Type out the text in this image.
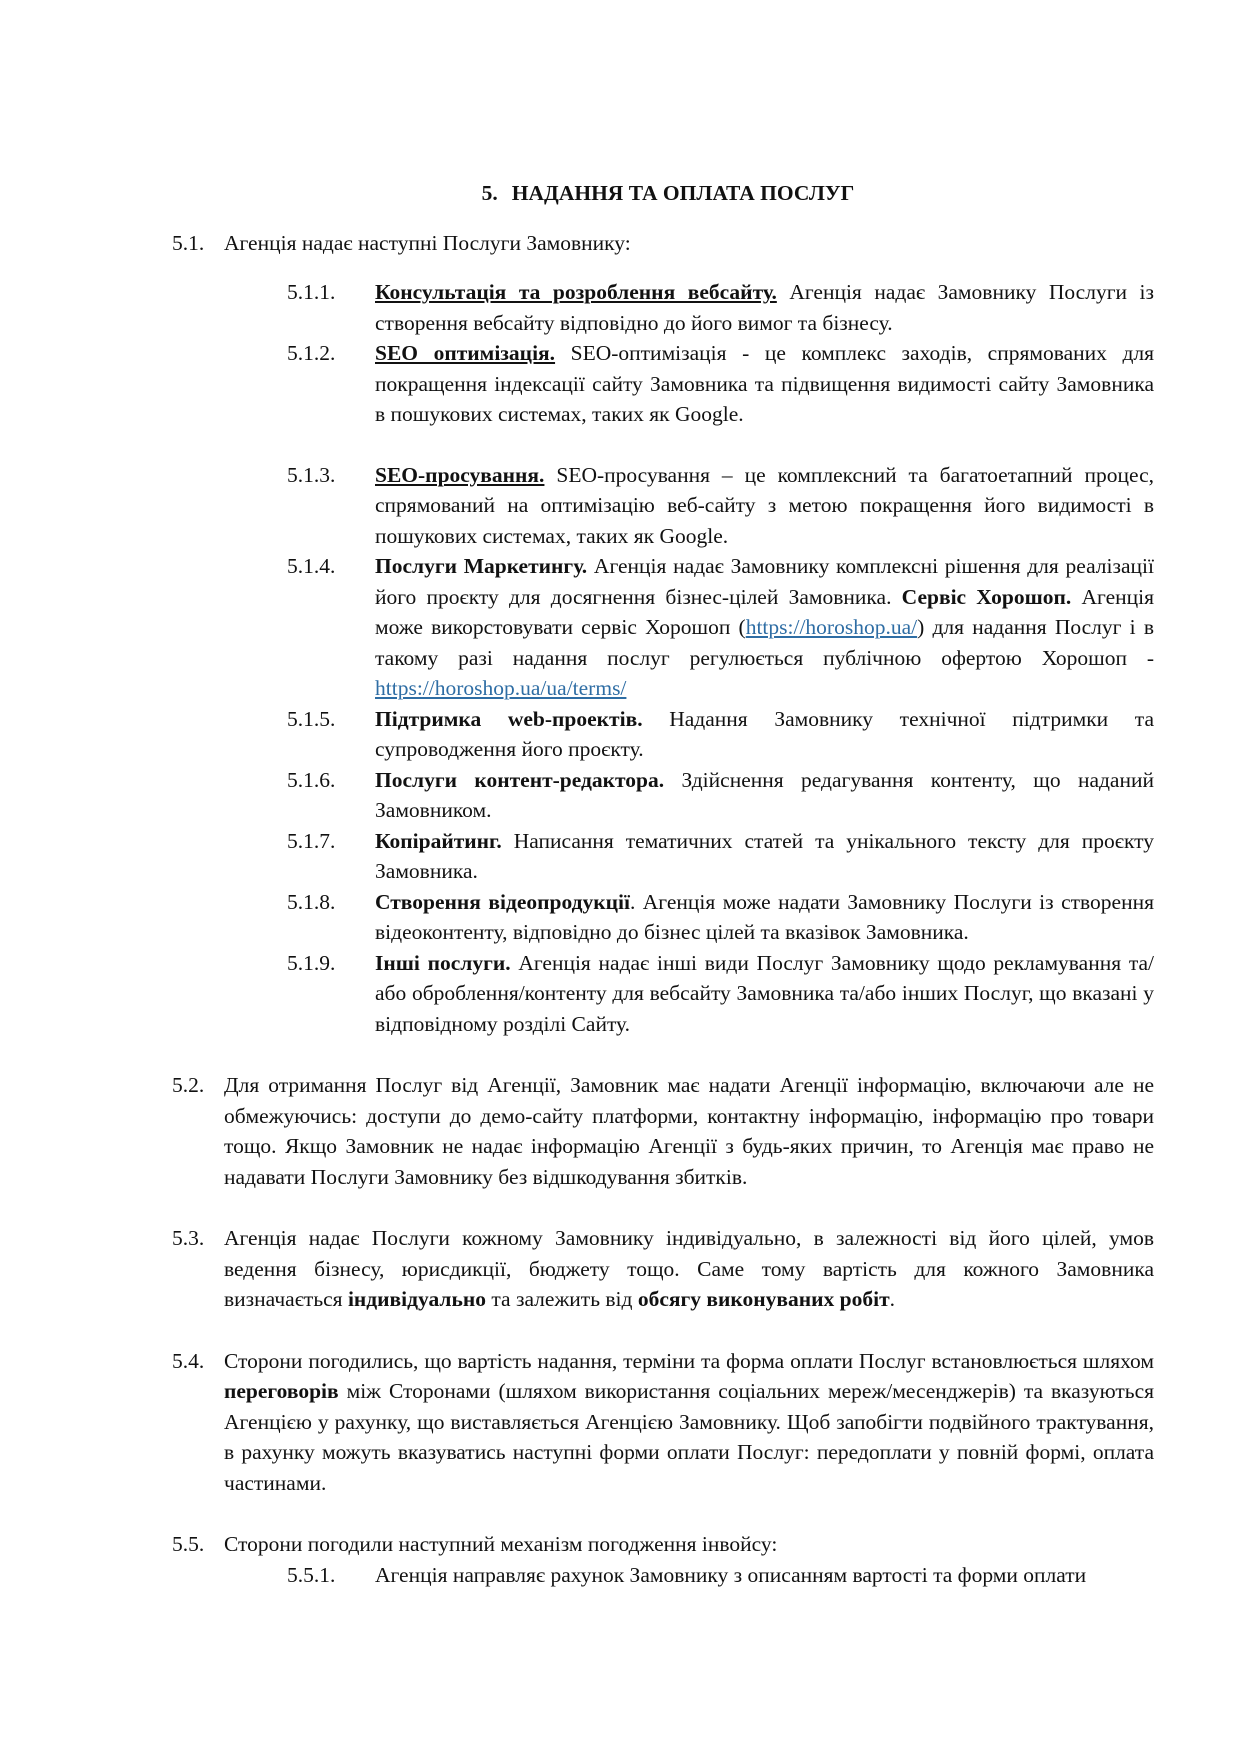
5. НАДАННЯ ТА ОПЛАТА ПОСЛУГ
5.1. Агенція надає наступні Послуги Замовнику:
5.1.1.	Консультація та розроблення вебсайту. Агенція надає Замовнику Послуги із створення вебсайту відповідно до його вимог та бізнесу.
5.1.2.	SEO оптимізація. SEO-оптимізація - це комплекс заходів, спрямованих для покращення індексації сайту Замовника та підвищення видимості сайту Замовника в пошукових системах, таких як Google.
5.1.3.	SEO-просування. SEO-просування – це комплексний та багатоетапний процес, спрямований на оптимізацію веб-сайту з метою покращення його видимості в пошукових системах, таких як Google.
5.1.4.	Послуги Маркетингу. Агенція надає Замовнику комплексні рішення для реалізації його проєкту для досягнення бізнес-цілей Замовника. Сервіс Хорошоп. Агенція може викорстовувати сервіс Хорошоп (https://horoshop.ua/) для надання Послуг і в такому разі надання послуг регулюється публічною офертою Хорошоп - https://horoshop.ua/ua/terms/
5.1.5.	Підтримка web-проектів. Надання Замовнику технічної підтримки та супроводження його проєкту.
5.1.6.	Послуги контент-редактора. Здійснення редагування контенту, що наданий Замовником.
5.1.7.	Копірайтинг. Написання тематичних статей та унікального тексту для проєкту Замовника.
5.1.8.	Створення відеопродукції. Агенція може надати Замовнику Послуги із створення відеоконтенту, відповідно до бізнес цілей та вказівок Замовника.
5.1.9.	Інші послуги. Агенція надає інші види Послуг Замовнику щодо рекламування та/або оброблення/контенту для вебсайту Замовника та/або інших Послуг, що вказані у відповідному розділі Сайту.
5.2. Для отримання Послуг від Агенції, Замовник має надати Агенції інформацію, включаючи але не обмежуючись: доступи до демо-сайту платформи, контактну інформацію, інформацію про товари тощо. Якщо Замовник не надає інформацію Агенції з будь-яких причин, то Агенція має право не надавати Послуги Замовнику без відшкодування збитків.
5.3. Агенція надає Послуги кожному Замовнику індивідуально, в залежності від його цілей, умов ведення бізнесу, юрисдикції, бюджету тощо. Саме тому вартість для кожного Замовника визначається індивідуально та залежить від обсягу виконуваних робіт.
5.4. Сторони погодились, що вартість надання, терміни та форма оплати Послуг встановлюється шляхом переговорів між Сторонами (шляхом використання соціальних мереж/месенджерів) та вказуються Агенцією у рахунку, що виставляється Агенцією Замовнику. Щоб запобігти подвійного трактування, в рахунку можуть вказуватись наступні форми оплати Послуг: передоплати у повній формі, оплата частинами.
5.5. Сторони погодили наступний механізм погодження інвойсу:
5.5.1.	Агенція направляє рахунок Замовнику з описанням вартості та форми оплати
